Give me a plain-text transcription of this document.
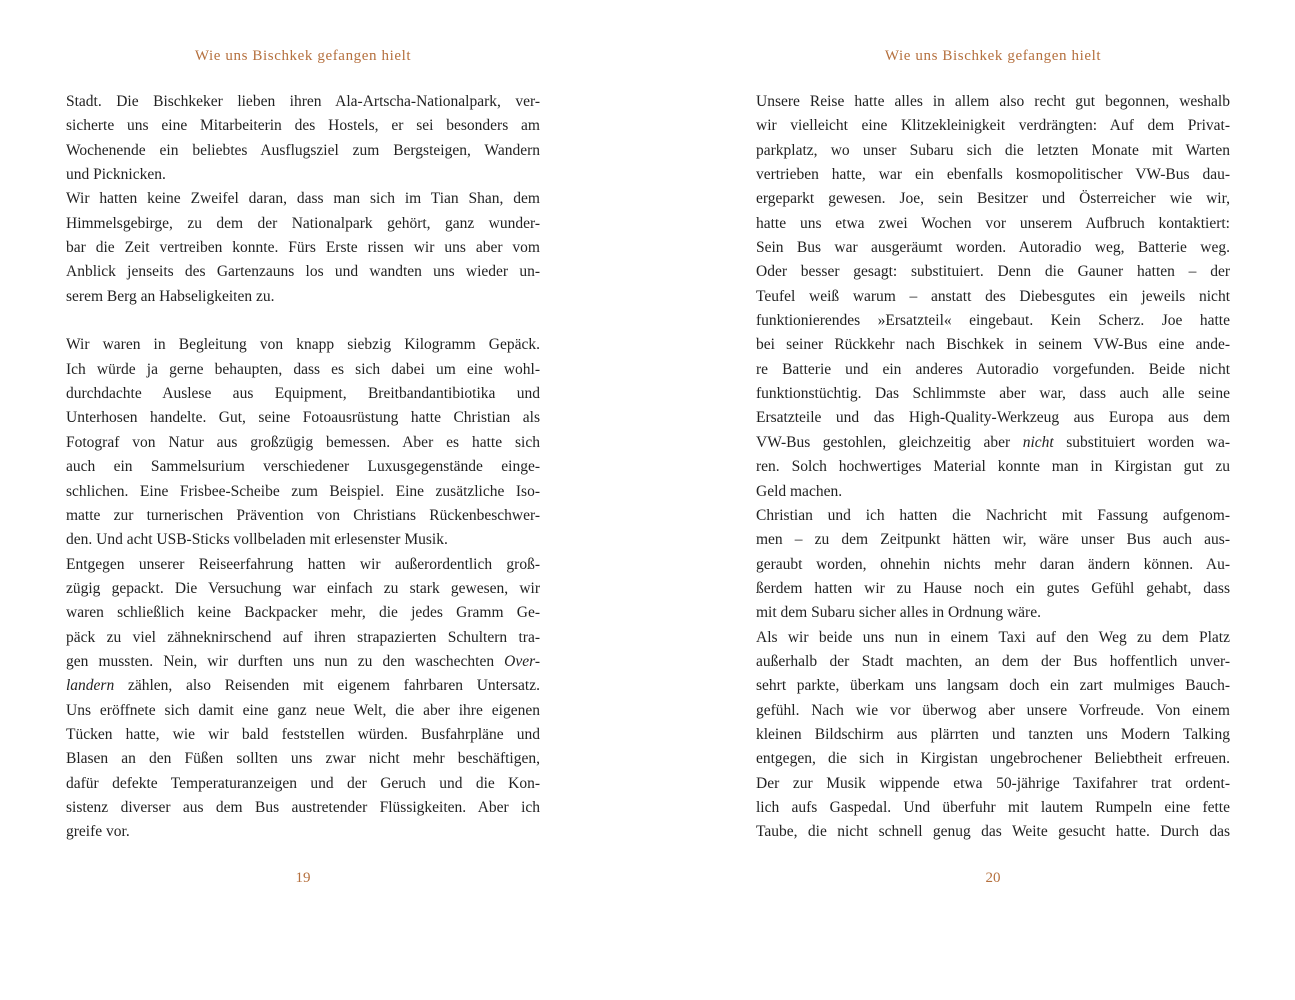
Wie uns Bischkek gefangen hielt
Stadt. Die Bischkeker lieben ihren Ala-Artscha-Nationalpark, ver-
sicherte uns eine Mitarbeiterin des Hostels, er sei besonders am
Wochenende ein beliebtes Ausflugsziel zum Bergsteigen, Wandern
und Picknicken.
Wir hatten keine Zweifel daran, dass man sich im Tian Shan, dem
Himmelsgebirge, zu dem der Nationalpark gehört, ganz wunder-
bar die Zeit vertreiben konnte. Fürs Erste rissen wir uns aber vom
Anblick jenseits des Gartenzauns los und wandten uns wieder un-
serem Berg an Habseligkeiten zu.
Wir waren in Begleitung von knapp siebzig Kilogramm Gepäck.
Ich würde ja gerne behaupten, dass es sich dabei um eine wohl-
durchdachte Auslese aus Equipment, Breitbandantibiotika und
Unterhosen handelte. Gut, seine Fotoausrüstung hatte Christian als
Fotograf von Natur aus großzügig bemessen. Aber es hatte sich
auch ein Sammelsurium verschiedener Luxusgegenstände einge-
schlichen. Eine Frisbee-Scheibe zum Beispiel. Eine zusätzliche Iso-
matte zur turnerischen Prävention von Christians Rückenbeschwer-
den. Und acht USB-Sticks vollbeladen mit erlesenster Musik.
Entgegen unserer Reiseerfahrung hatten wir außerordentlich groß-
zügig gepackt. Die Versuchung war einfach zu stark gewesen, wir
waren schließlich keine Backpacker mehr, die jedes Gramm Ge-
päck zu viel zähneknirschend auf ihren strapazierten Schultern tra-
gen mussten. Nein, wir durften uns nun zu den waschechten Over-
landern zählen, also Reisenden mit eigenem fahrbaren Untersatz.
Uns eröffnete sich damit eine ganz neue Welt, die aber ihre eigenen
Tücken hatte, wie wir bald feststellen würden. Busfahrpläne und
Blasen an den Füßen sollten uns zwar nicht mehr beschäftigen,
dafür defekte Temperaturanzeigen und der Geruch und die Kon-
sistenz diverser aus dem Bus austretender Flüssigkeiten. Aber ich
greife vor.
19
Wie uns Bischkek gefangen hielt
Unsere Reise hatte alles in allem also recht gut begonnen, weshalb
wir vielleicht eine Klitzekleinigkeit verdrängten: Auf dem Privat-
parkplatz, wo unser Subaru sich die letzten Monate mit Warten
vertrieben hatte, war ein ebenfalls kosmopolitischer VW-Bus dau-
ergeparkt gewesen. Joe, sein Besitzer und Österreicher wie wir,
hatte uns etwa zwei Wochen vor unserem Aufbruch kontaktiert:
Sein Bus war ausgeräumt worden. Autoradio weg, Batterie weg.
Oder besser gesagt: substituiert. Denn die Gauner hatten – der
Teufel weiß warum – anstatt des Diebesgutes ein jeweils nicht
funktionierendes »Ersatzteil« eingebaut. Kein Scherz. Joe hatte
bei seiner Rückkehr nach Bischkek in seinem VW-Bus eine ande-
re Batterie und ein anderes Autoradio vorgefunden. Beide nicht
funktionstüchtig. Das Schlimmste aber war, dass auch alle seine
Ersatzteile und das High-Quality-Werkzeug aus Europa aus dem
VW-Bus gestohlen, gleichzeitig aber nicht substituiert worden wa-
ren. Solch hochwertiges Material konnte man in Kirgistan gut zu
Geld machen.
Christian und ich hatten die Nachricht mit Fassung aufgenom-
men – zu dem Zeitpunkt hätten wir, wäre unser Bus auch aus-
geraubt worden, ohnehin nichts mehr daran ändern können. Au-
ßerdem hatten wir zu Hause noch ein gutes Gefühl gehabt, dass
mit dem Subaru sicher alles in Ordnung wäre.
Als wir beide uns nun in einem Taxi auf den Weg zu dem Platz
außerhalb der Stadt machten, an dem der Bus hoffentlich unver-
sehrt parkte, überkam uns langsam doch ein zart mulmiges Bauch-
gefühl. Nach wie vor überwog aber unsere Vorfreude. Von einem
kleinen Bildschirm aus plärrten und tanzten uns Modern Talking
entgegen, die sich in Kirgistan ungebrochener Beliebtheit erfreuen.
Der zur Musik wippende etwa 50-jährige Taxifahrer trat ordent-
lich aufs Gaspedal. Und überfuhr mit lautem Rumpeln eine fette
Taube, die nicht schnell genug das Weite gesucht hatte. Durch das
20
